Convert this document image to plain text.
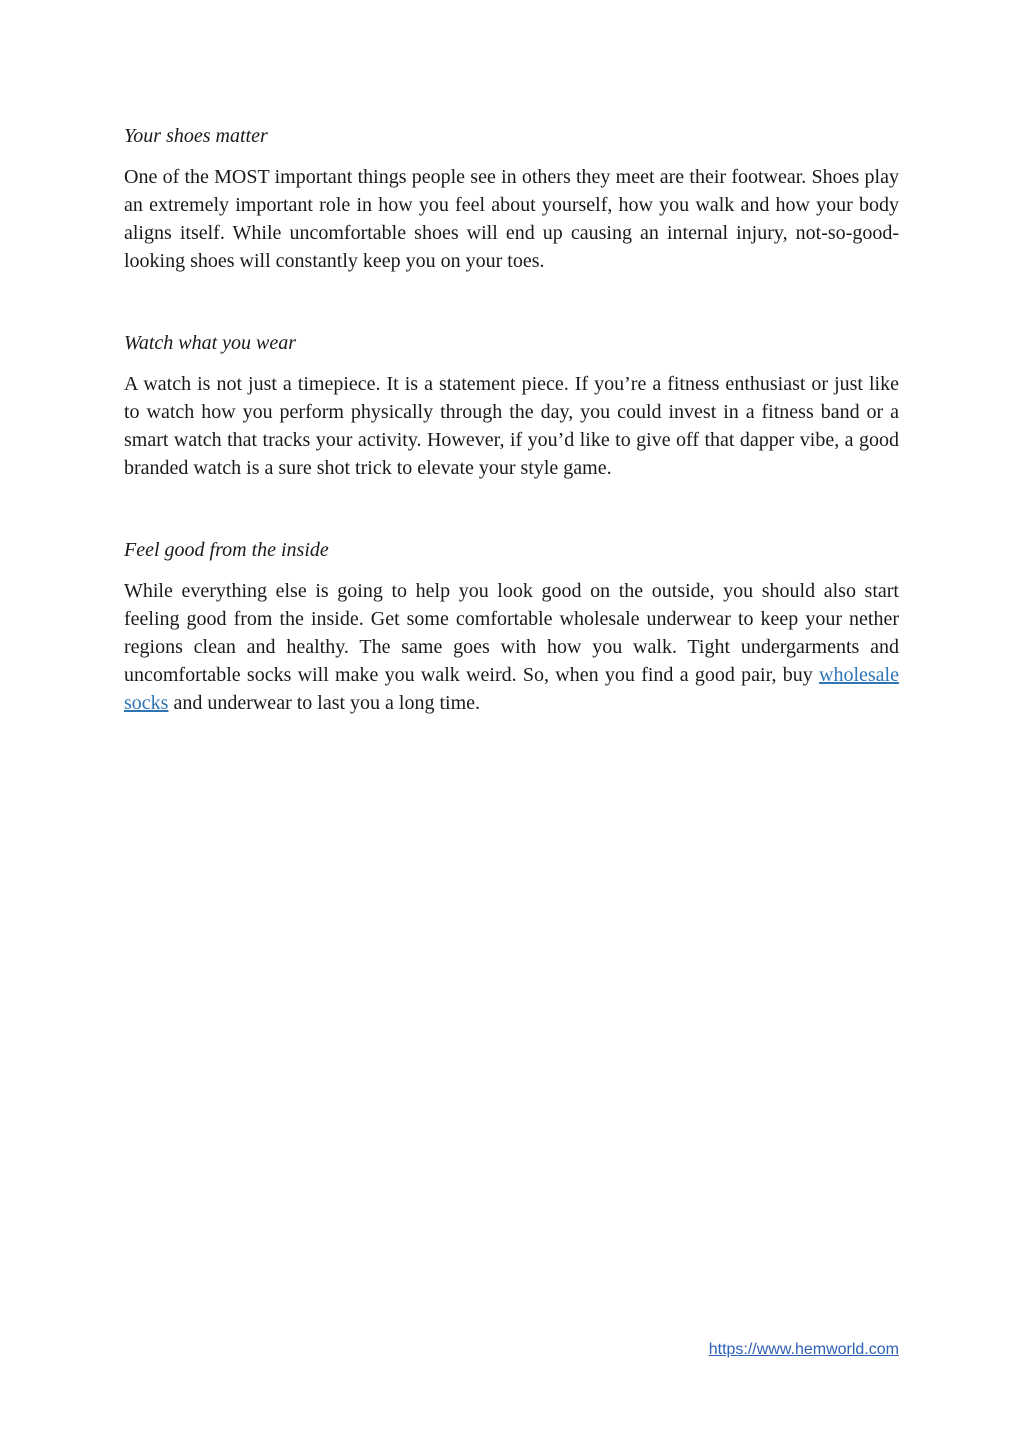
Your shoes matter

One of the MOST important things people see in others they meet are their footwear. Shoes play an extremely important role in how you feel about yourself, how you walk and how your body aligns itself. While uncomfortable shoes will end up causing an internal injury, not-so-good-looking shoes will constantly keep you on your toes.

Watch what you wear

A watch is not just a timepiece. It is a statement piece. If you’re a fitness enthusiast or just like to watch how you perform physically through the day, you could invest in a fitness band or a smart watch that tracks your activity. However, if you’d like to give off that dapper vibe, a good branded watch is a sure shot trick to elevate your style game.

Feel good from the inside

While everything else is going to help you look good on the outside, you should also start feeling good from the inside. Get some comfortable wholesale underwear to keep your nether regions clean and healthy. The same goes with how you walk. Tight undergarments and uncomfortable socks will make you walk weird. So, when you find a good pair, buy wholesale socks and underwear to last you a long time.

https://www.hemworld.com
